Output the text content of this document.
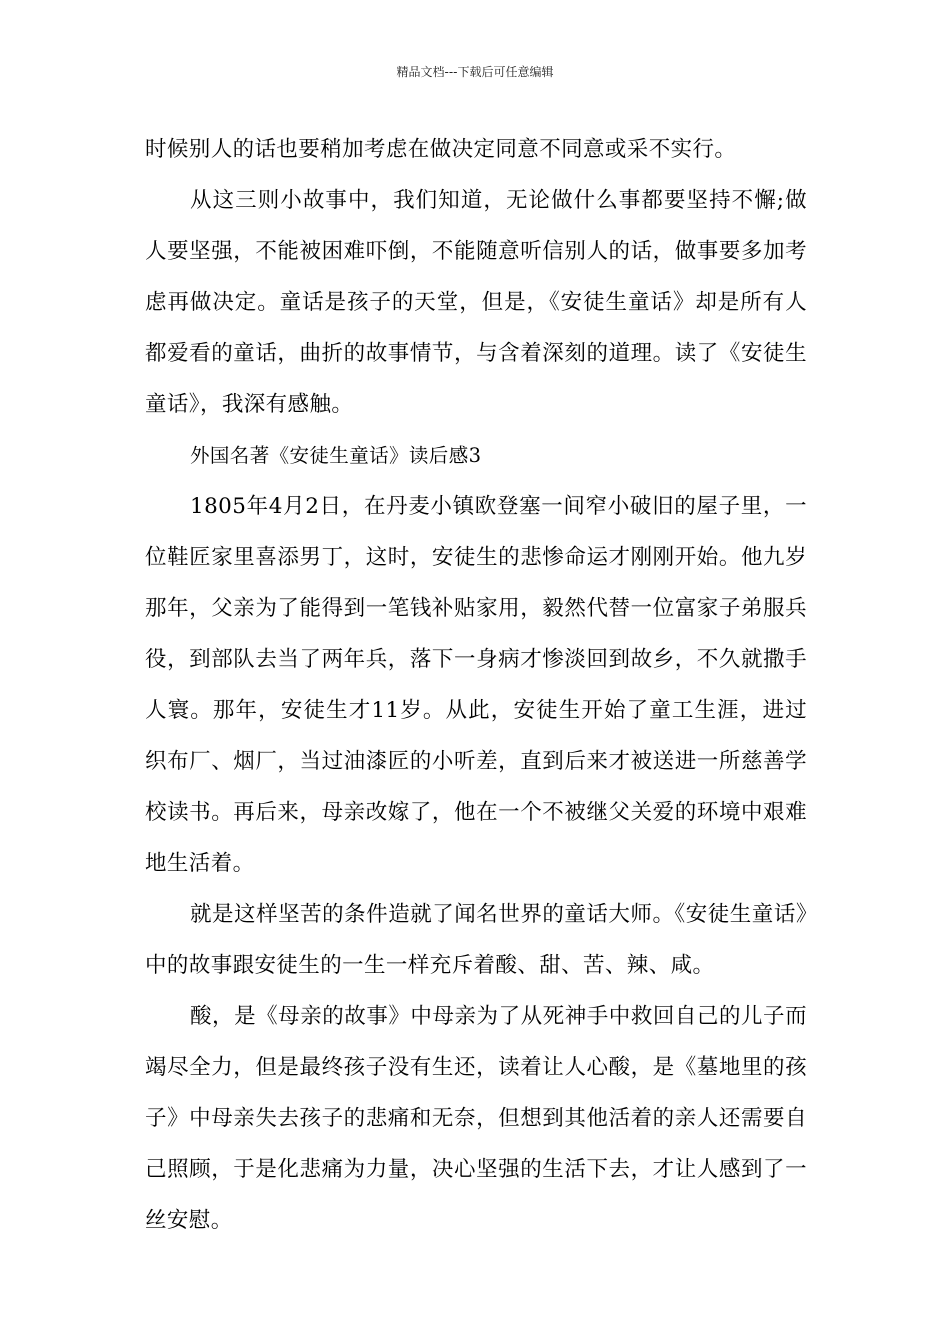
精品文档---下载后可任意编辑

时候别人的话也要稍加考虑在做决定同意不同意或采不实行。

从这三则小故事中，我们知道，无论做什么事都要坚持不懈;做人要坚强，不能被困难吓倒，不能随意听信别人的话，做事要多加考虑再做决定。童话是孩子的天堂，但是，《安徒生童话》却是所有人都爱看的童话，曲折的故事情节，与含着深刻的道理。读了《安徒生童话》，我深有感触。

外国名著《安徒生童话》读后感3

1805年4月2日，在丹麦小镇欧登塞一间窄小破旧的屋子里，一位鞋匠家里喜添男丁，这时，安徒生的悲惨命运才刚刚开始。他九岁那年，父亲为了能得到一笔钱补贴家用，毅然代替一位富家子弟服兵役，到部队去当了两年兵，落下一身病才惨淡回到故乡，不久就撒手人寰。那年，安徒生才11岁。从此，安徒生开始了童工生涯，进过织布厂、烟厂，当过油漆匠的小听差，直到后来才被送进一所慈善学校读书。再后来，母亲改嫁了，他在一个不被继父关爱的环境中艰难地生活着。

就是这样坚苦的条件造就了闻名世界的童话大师。《安徒生童话》中的故事跟安徒生的一生一样充斥着酸、甜、苦、辣、咸。

酸，是《母亲的故事》中母亲为了从死神手中救回自己的儿子而竭尽全力，但是最终孩子没有生还，读着让人心酸，是《墓地里的孩子》中母亲失去孩子的悲痛和无奈，但想到其他活着的亲人还需要自己照顾，于是化悲痛为力量，决心坚强的生活下去，才让人感到了一丝安慰。
